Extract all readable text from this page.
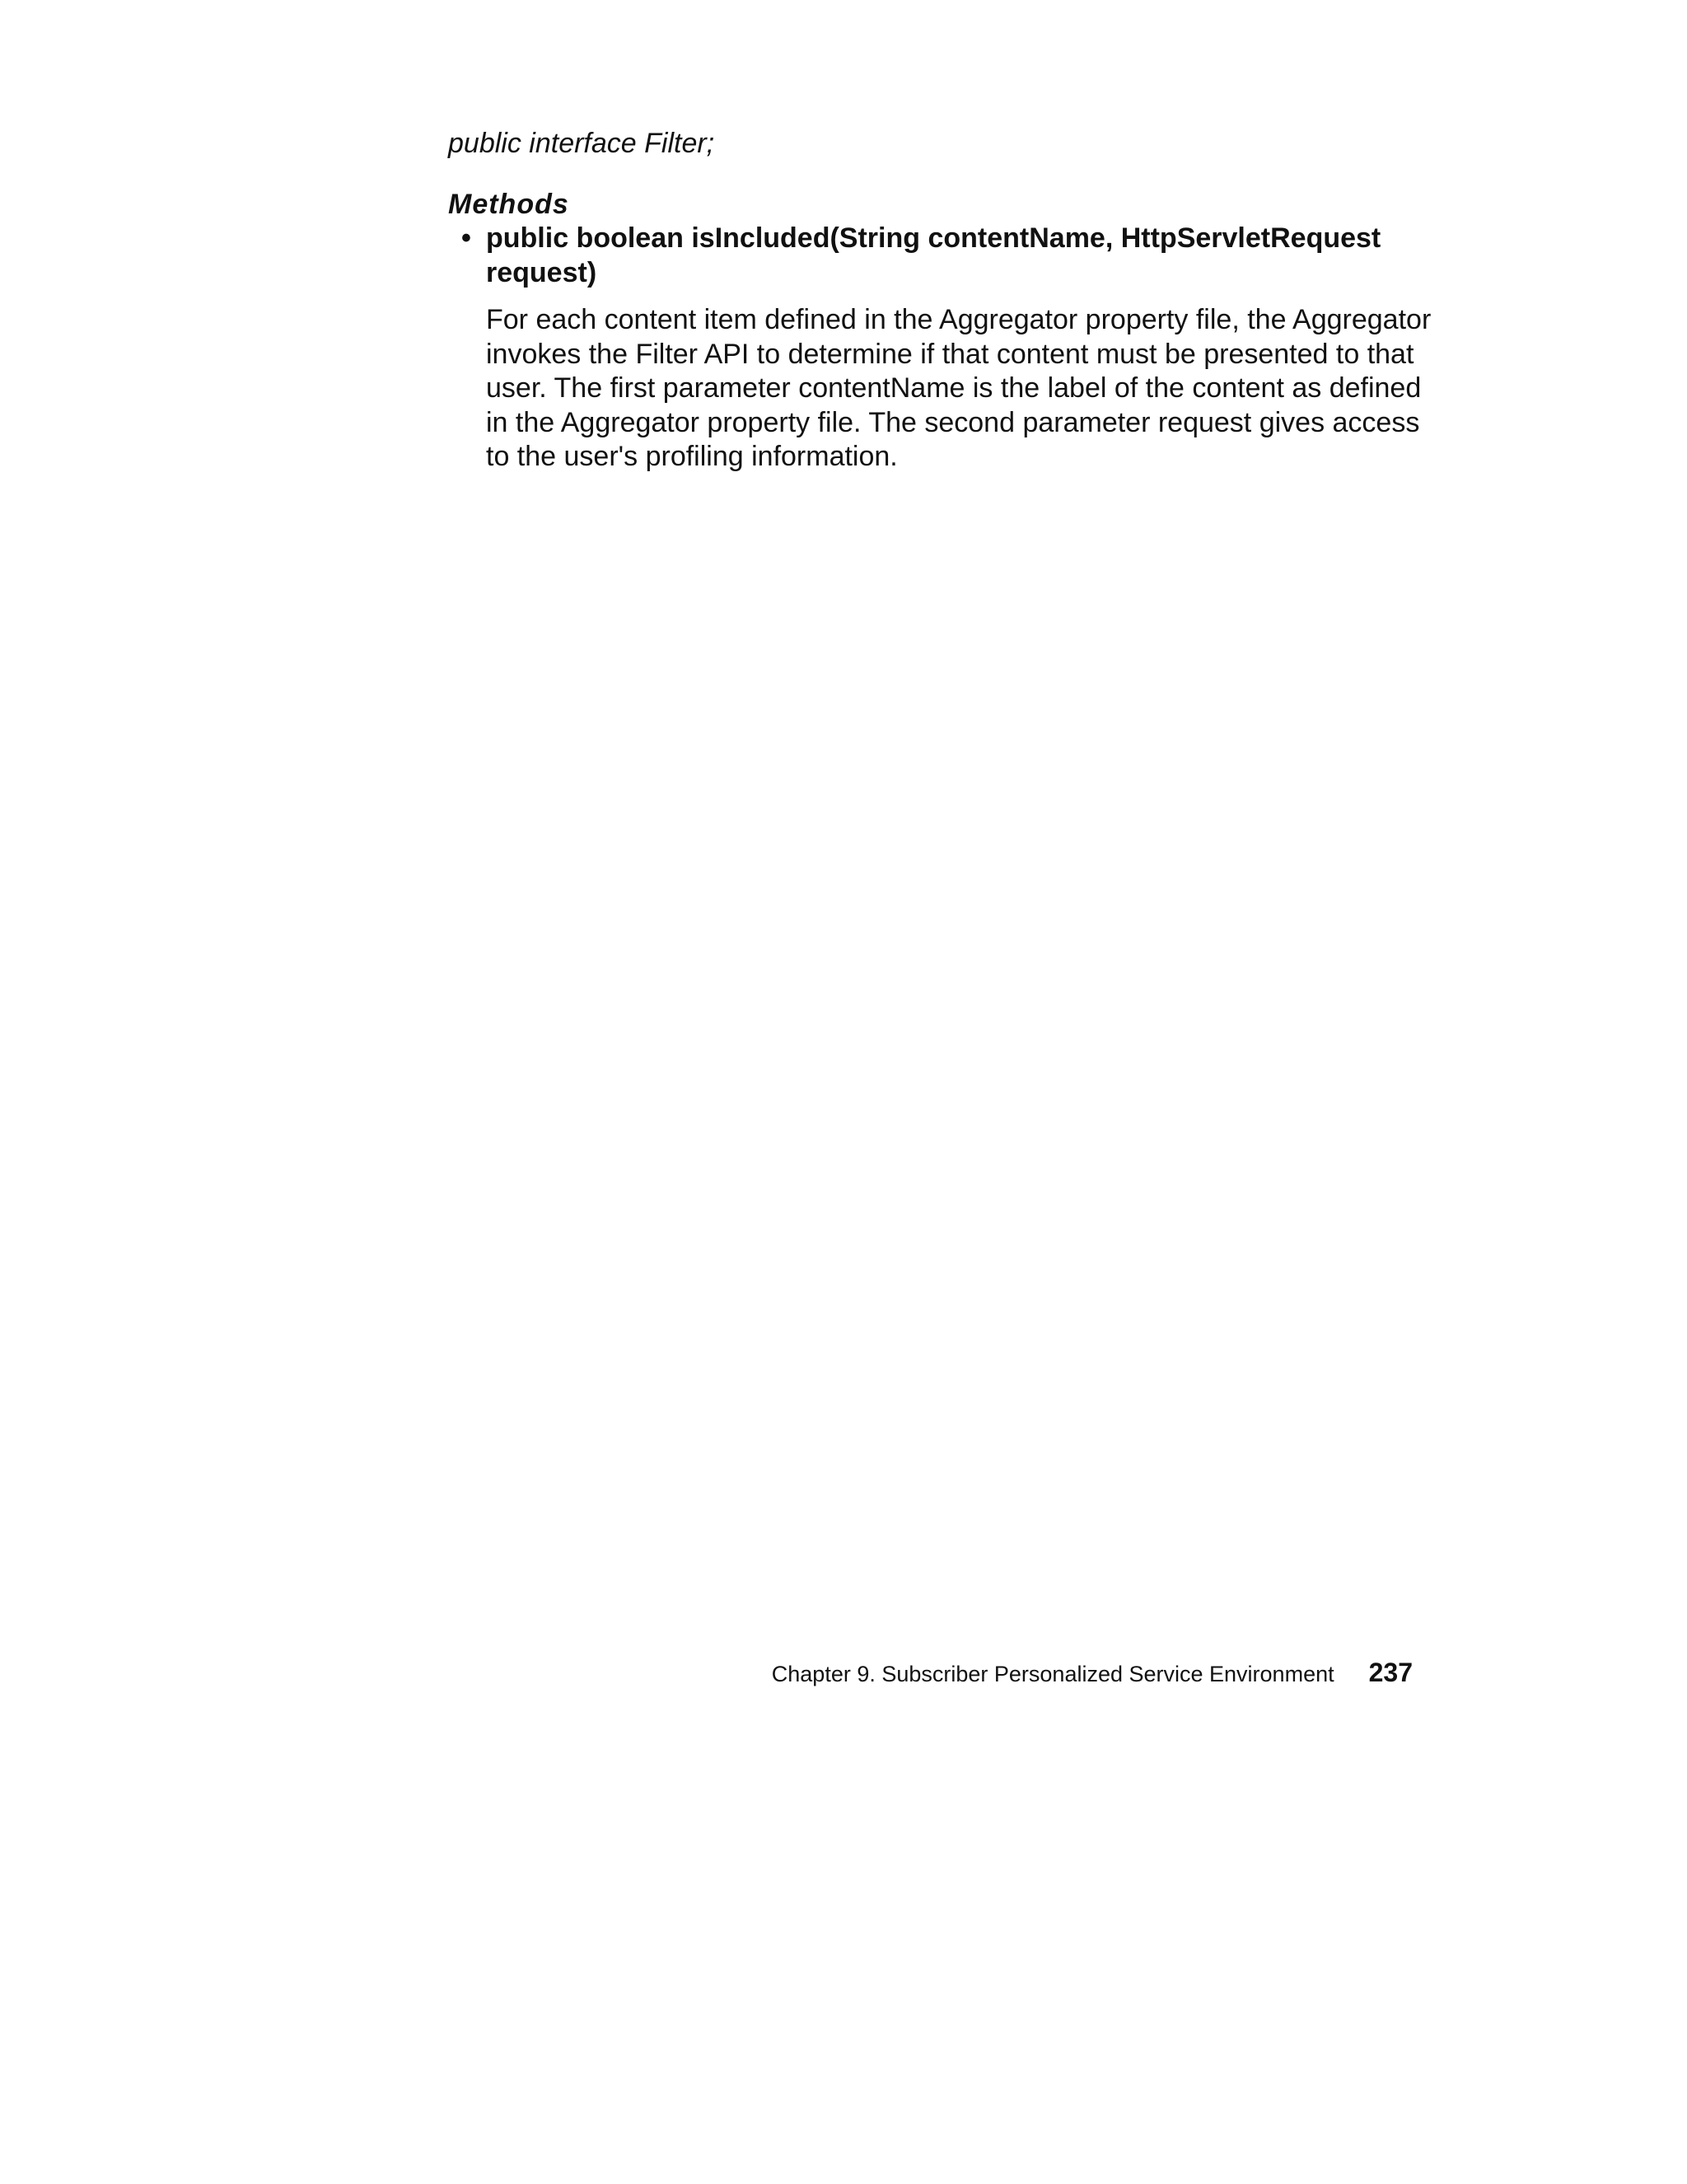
public interface Filter;
Methods
• public boolean isIncluded(String contentName, HttpServletRequest
request)
For each content item defined in the Aggregator property file, the Aggregator invokes the Filter API to determine if that content must be presented to that user. The first parameter contentName is the label of the content as defined in the Aggregator property file. The second parameter request gives access to the user's profiling information.
Chapter 9. Subscriber Personalized Service Environment 237
